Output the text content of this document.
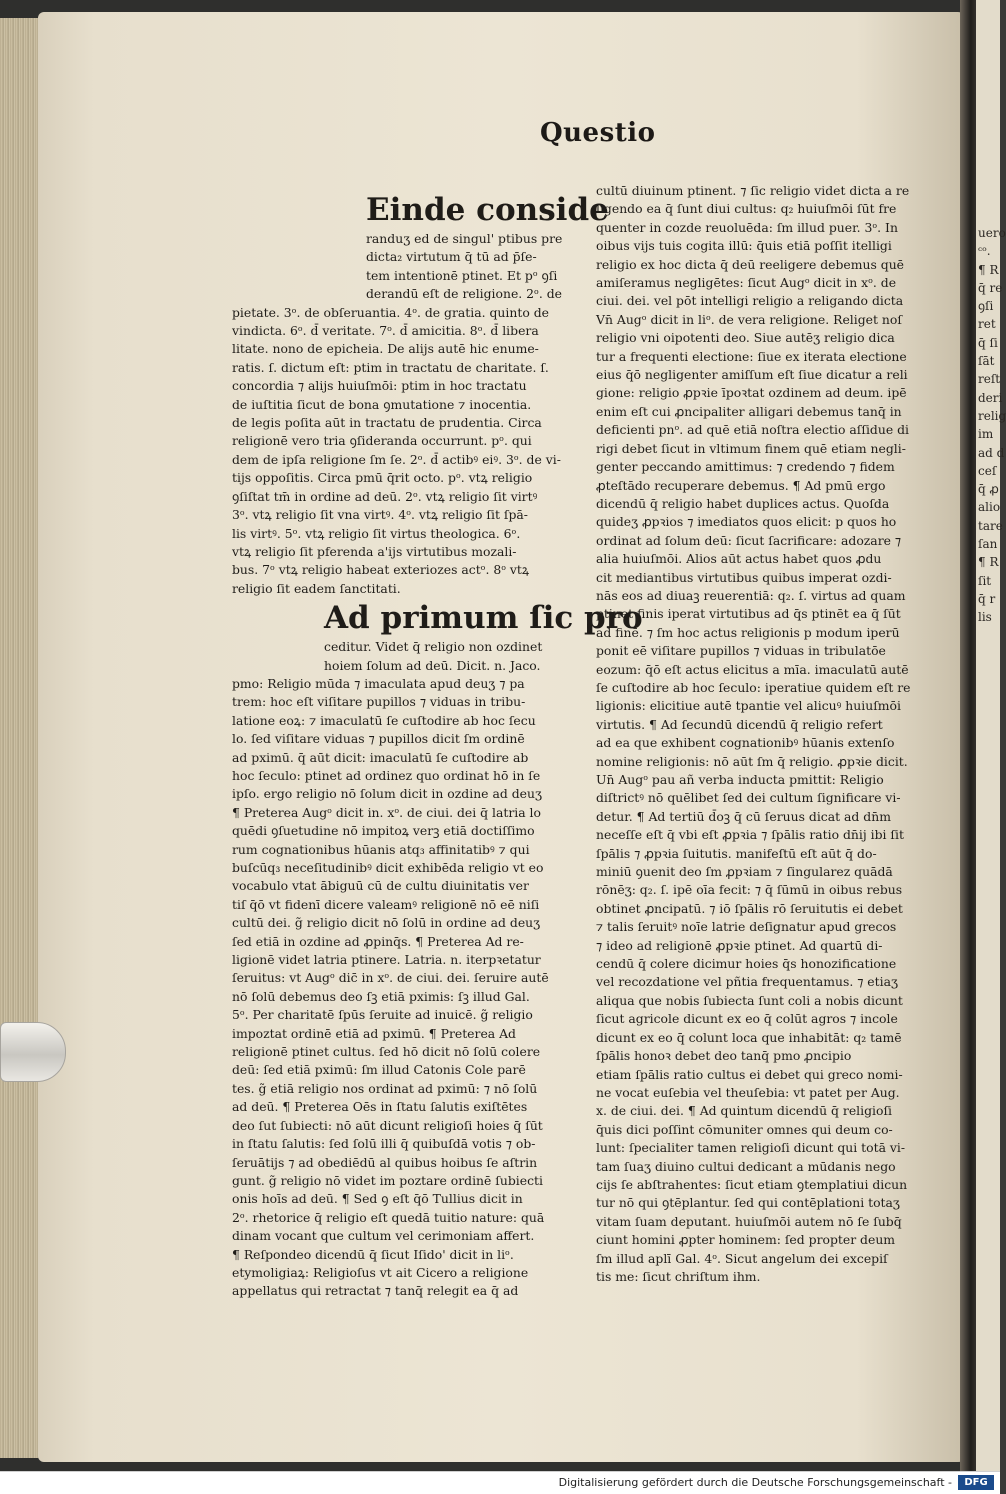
uero
ᶜᵒ.
¶ R
q̄ re
ꝯſi
ret
q̄ ſi
ſāt
reſt
deri
relig
im
ad d
ceſ
q̄ ꝓ
alio
tare
ſan
¶ R
ſit
q̄ r
lis
Questio
Einde conside
randuʒ ed de singul' ptibus pre
dicta₂ virtutum q̄ tū ad p̄ſe-
tem intentionē ptinet. Et pᵒ ꝯſi
derandū eſt de religione. 2ᵒ. de
pietate. 3ᵒ. de obſeruantia. 4ᵒ. de gratia. quinto de
vindicta. 6ᵒ. d̄ veritate. 7ᵒ. d̄ amicitia. 8ᵒ. d̄ libera
litate. nono de epicheia. De alijs autē hic enume-
ratis. ſ. dictum eſt: ptim in tractatu de charitate. ſ.
concordia ⁊ alijs huiuſmōi: ptim in hoc tractatu
de iuſtitia ſicut de bona ꝯmutatione ⁊ inocentia.
de legis poſita aūt in tractatu de prudentia. Circa
religionē vero tria ꝯſideranda occurrunt. pᵒ. qui
dem de ipſa religione ſm ſe. 2ᵒ. d̄ actibꝰ eiꝰ. 3ᵒ. de vi-
tijs oppoſitis. Circa pmū q̄rit octo. pᵒ. vtꝝ religio
ꝯſiſtat tm̄ in ordine ad deū. 2ᵒ. vtꝝ religio ſit virtꝰ
3ᵒ. vtꝝ religio ſit vna virtꝰ. 4ᵒ. vtꝝ religio ſit ſpā-
lis virtꝰ. 5ᵒ. vtꝝ religio ſit virtus theologica. 6ᵒ.
vtꝝ religio ſit pferenda a'ijs virtutibus mozali-
bus. 7ᵒ vtꝝ religio habeat exteriozes actᵒ. 8ᵒ vtꝝ
religio ſit eadem ſanctitati.
Ad primum ſic pro
ceditur. Videt q̄ religio non ozdinet
hoiem ſolum ad deū. Dicit. n. Jaco.
pmo: Religio mūda ⁊ imaculata apud deuʒ ⁊ pa
trem: hoc eſt viſitare pupillos ⁊ viduas in tribu-
latione eoꝝ: ⁊ imaculatū ſe cuſtodire ab hoc ſecu
lo. ſed viſitare viduas ⁊ pupillos dicit ſm ordinē
ad pximū. q̄ aūt dicit: imaculatū ſe cuſtodire ab
hoc ſeculo: ptinet ad ordinez quo ordinat hō in ſe
ipſo. ergo religio nō ſolum dicit in ozdine ad deuʒ
¶ Preterea Augᵒ dicit in. xᵒ. de ciui. dei q̄ latria lo
quēdi ꝯſuetudine nō impitoꝝ verꝫ etiā doctiſſimo
rum cognationibus hūanis atq₃ affinitatibꝰ ⁊ qui
buſcūq₃ neceſitudinibꝰ dicit exhibēda religio vt eo
vocabulo vtat ābiguū cū de cultu diuinitatis ver
tiſ q̄ō vt fidenī dicere valeamꝰ religionē nō eē niſi
cultū dei. g̃ religio dicit nō ſolū in ordine ad deuʒ
ſed etiā in ozdine ad ꝓpinq̄s. ¶ Preterea Ad re-
ligionē videt latria ptinere. Latria. n. iterpꝛetatur
ſeruitus: vt Augᵒ dic̄ in xᵒ. de ciui. dei. ſeruire autē
nō ſolū debemus deo ſꝫ etiā pximis: ſꝫ illud Gal.
5ᵒ. Per charitatē ſpūs ſeruite ad inuicē. g̃ religio
impoztat ordinē etiā ad pximū. ¶ Preterea Ad
religionē ptinet cultus. ſed hō dicit nō ſolū colere
deū: ſed etiā pximū: ſm illud Catonis Cole parē
tes. g̃ etiā religio nos ordinat ad pximū: ⁊ nō ſolū
ad deū. ¶ Preterea Oēs in ſtatu ſalutis exiſtētes
deo ſut ſubiecti: nō aūt dicunt religioſi hoies q̄ ſūt
in ſtatu ſalutis: ſed ſolū illi q̄ quibuſdā votis ⁊ ob-
ſeruātijs ⁊ ad obediēdū al quibus hoibus ſe aſtrin
gunt. g̃ religio nō videt im poztare ordinē ſubiecti
onis hoīs ad deū. ¶ Sed ꝯ eſt q̄ō Tullius dicit in
2ᵒ. rhetorice q̄ religio eſt quedā tuitio nature: quā
dinam vocant que cultum vel cerimoniam affert.
¶ Reſpondeo dicendū q̄ ſicut Iſido' dicit in liᵒ.
etymoligiaꝝ: Religioſus vt ait Cicero a religione
appellatus qui retractat ⁊ tanq̄ relegit ea q̄ ad
cultū diuinum ptinent. ⁊ ſic religio videt dicta a re
ligendo ea q̄ ſunt diui cultus: q₂ huiuſmōi ſūt fre
quenter in cozde reuoluēda: ſm illud puer. 3ᵒ. In
oibus vijs tuis cogita illū: q̄uis etiā poſſit itelligi
religio ex hoc dicta q̄ deū reeligere debemus quē
amiſeramus negligētes: ſicut Augᵒ dicit in xᵒ. de
ciui. dei. vel pōt intelligi religio a religando dicta
Vn̄ Augᵒ dicit in liᵒ. de vera religione. Religet noſ
religio vni oipotenti deo. Siue autēʒ religio dica
tur a frequenti electione: ſiue ex iterata electione
eius q̄ō negligenter amiſſum eſt ſiue dicatur a reli
gione: religio ꝓpꝛie īpoꝛtat ozdinem ad deum. ipē
enim eſt cui ꝓncipaliter alligari debemus tanq̄ in
deficienti pnᵒ. ad quē etiā noſtra electio aſſidue di
rigi debet ſicut in vltimum finem quē etiam negli-
genter peccando amittimus: ⁊ credendo ⁊ fidem
ꝓteſtādo recuperare debemus. ¶ Ad pmū ergo
dicendū q̄ religio habet duplices actus. Quoſda
quideʒ ꝓpꝛios ⁊ imediatos quos elicit: p quos ho
ordinat ad ſolum deū: ſicut ſacrificare: adozare ⁊
alia huiuſmōi. Alios aūt actus habet quos ꝓdu
cit mediantibus virtutibus quibus imperat ozdi-
nās eos ad diuaꝫ reuerentiā: q₂. ſ. virtus ad quam
ptinet finis iperat virtutibus ad q̄s ptinēt ea q̄ ſūt
ad finē. ⁊ ſm hoc actus religionis p modum iperū
ponit eē viſitare pupillos ⁊ viduas in tribulatōe
eozum: q̄ō eſt actus elicitus a mīa. imaculatū autē
ſe cuſtodire ab hoc ſeculo: iperatiue quidem eſt re
ligionis: elicitiue autē tpantie vel alicuꝰ huiuſmōi
virtutis. ¶ Ad ſecundū dicendū q̄ religio refert
ad ea que exhibent cognationibꝰ hūanis extenſo
nomine religionis: nō aūt ſm q̄ religio. ꝓpꝛie dicit.
Un̄ Augᵒ pau añ verba inducta pmittit: Religio
diſtrictꝰ nō quēlibet ſed dei cultum ſignificare vi-
detur. ¶ Ad tertiū d̄oꝫ q̄ cū ſeruus dicat ad dn̄m
neceſſe eſt q̄ vbi eſt ꝓpꝛia ⁊ ſpālis ratio dn̄ij ibi ſit
ſpālis ⁊ ꝓpꝛia ſuitutis. manifeſtū eſt aūt q̄ do-
miniū ꝯuenit deo ſm ꝓpꝛiam ⁊ ſingularez quādā
rōnēʒ: q₂. ſ. ipē oīa fecit: ⁊ q̄ ſūmū in oibus rebus
obtinet ꝓncipatū. ⁊ iō ſpālis rō ſeruitutis ei debet
⁊ talis ſeruitꝰ noīe latrie deſignatur apud grecos
⁊ ideo ad religionē ꝓpꝛie ptinet. Ad quartū di-
cendū q̄ colere dicimur hoies q̄s honozificatione
vel recozdatione vel pñtia frequentamus. ⁊ etiaʒ
aliqua que nobis ſubiecta ſunt coli a nobis dicunt
ſicut agricole dicunt ex eo q̄ colūt agros ⁊ incole
dicunt ex eo q̄ colunt loca que inhabitāt: q₂ tamē
ſpālis honoꝛ debet deo tanq̄ pmo ꝓncipio
etiam ſpālis ratio cultus ei debet qui greco nomi-
ne vocat euſebia vel theuſebia: vt patet per Aug.
x. de ciui. dei. ¶ Ad quintum dicendū q̄ religioſi
q̄uis dici poſſint cōmuniter omnes qui deum co-
lunt: ſpecialiter tamen religioſi dicunt qui totā vi-
tam ſuaʒ diuino cultui dedicant a mūdanis nego
cijs ſe abſtrahentes: ſicut etiam ꝯtemplatiui dicun
tur nō qui ꝯtēplantur. ſed qui contēplationi totaʒ
vitam ſuam deputant. huiuſmōi autem nō ſe ſubq̄
ciunt homini ꝓpter hominem: ſed propter deum
ſm illud aplī Gal. 4ᵒ. Sicut angelum dei excepiſ
tis me: ſicut chriſtum ihm.
Digitalisierung gefördert durch die Deutsche Forschungsgemeinschaft -	DFG
